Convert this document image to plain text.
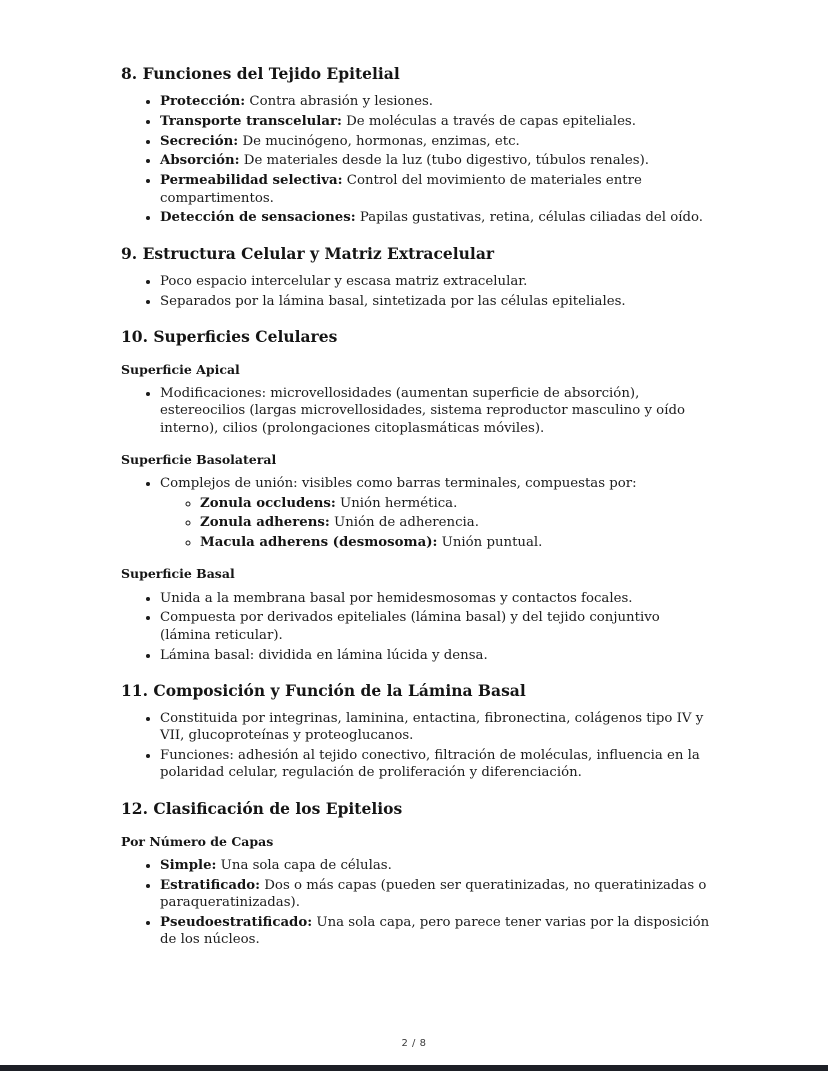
8. Funciones del Tejido Epitelial
• Protección: Contra abrasión y lesiones.
• Transporte transcelular: De moléculas a través de capas epiteliales.
• Secreción: De mucinógeno, hormonas, enzimas, etc.
• Absorción: De materiales desde la luz (tubo digestivo, túbulos renales).
• Permeabilidad selectiva: Control del movimiento de materiales entre compartimentos.
• Detección de sensaciones: Papilas gustativas, retina, células ciliadas del oído.
9. Estructura Celular y Matriz Extracelular
• Poco espacio intercelular y escasa matriz extracelular.
• Separados por la lámina basal, sintetizada por las células epiteliales.
10. Superficies Celulares
Superficie Apical
• Modificaciones: microvellosidades (aumentan superficie de absorción), estereocilios (largas microvellosidades, sistema reproductor masculino y oído interno), cilios (prolongaciones citoplasmáticas móviles).
Superficie Basolateral
• Complejos de unión: visibles como barras terminales, compuestas por:
◦ Zonula occludens: Unión hermética.
◦ Zonula adherens: Unión de adherencia.
◦ Macula adherens (desmosoma): Unión puntual.
Superficie Basal
• Unida a la membrana basal por hemidesmosomas y contactos focales.
• Compuesta por derivados epiteliales (lámina basal) y del tejido conjuntivo (lámina reticular).
• Lámina basal: dividida en lámina lúcida y densa.
11. Composición y Función de la Lámina Basal
• Constituida por integrinas, laminina, entactina, fibronectina, colágenos tipo IV y VII, glucoproteínas y proteoglucanos.
• Funciones: adhesión al tejido conectivo, filtración de moléculas, influencia en la polaridad celular, regulación de proliferación y diferenciación.
12. Clasificación de los Epitelios
Por Número de Capas
• Simple: Una sola capa de células.
• Estratificado: Dos o más capas (pueden ser queratinizadas, no queratinizadas o paraqueratinizadas).
• Pseudoestratificado: Una sola capa, pero parece tener varias por la disposición de los núcleos.
2 / 8
